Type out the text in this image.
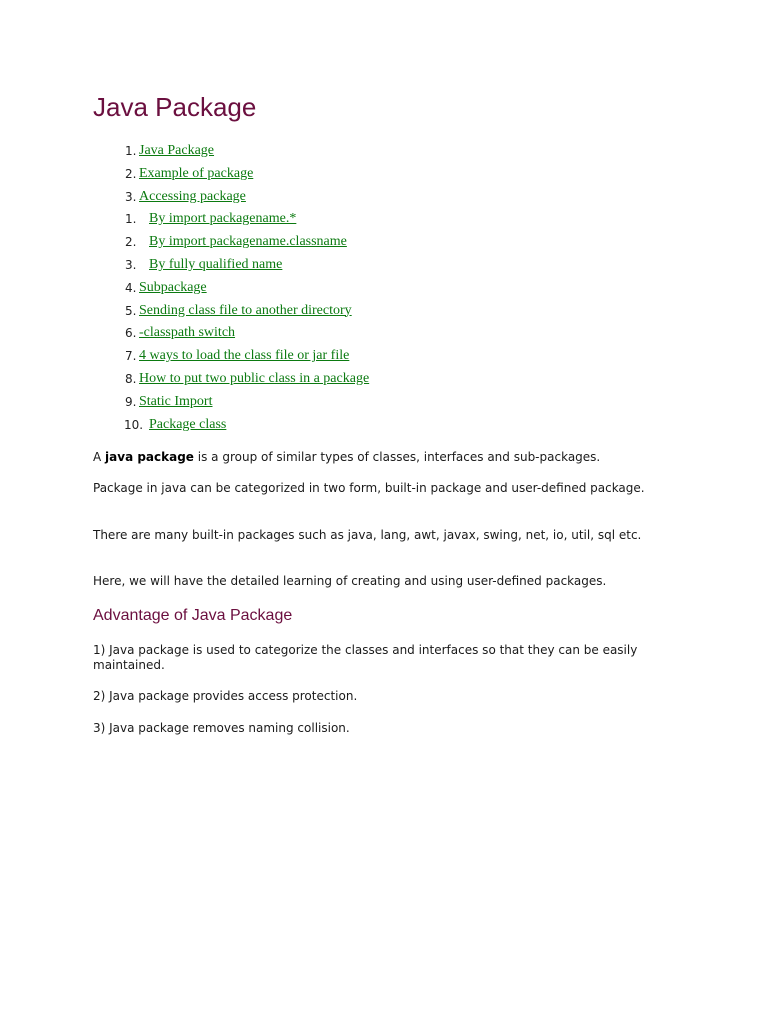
Java Package
1. Java Package
2. Example of package
3. Accessing package
1. By import packagename.*
2. By import packagename.classname
3. By fully qualified name
4. Subpackage
5. Sending class file to another directory
6. -classpath switch
7. 4 ways to load the class file or jar file
8. How to put two public class in a package
9. Static Import
10. Package class

A java package is a group of similar types of classes, interfaces and sub-packages.

Package in java can be categorized in two form, built-in package and user-defined package.

There are many built-in packages such as java, lang, awt, javax, swing, net, io, util, sql etc.

Here, we will have the detailed learning of creating and using user-defined packages.

Advantage of Java Package

1) Java package is used to categorize the classes and interfaces so that they can be easily maintained.

2) Java package provides access protection.

3) Java package removes naming collision.
